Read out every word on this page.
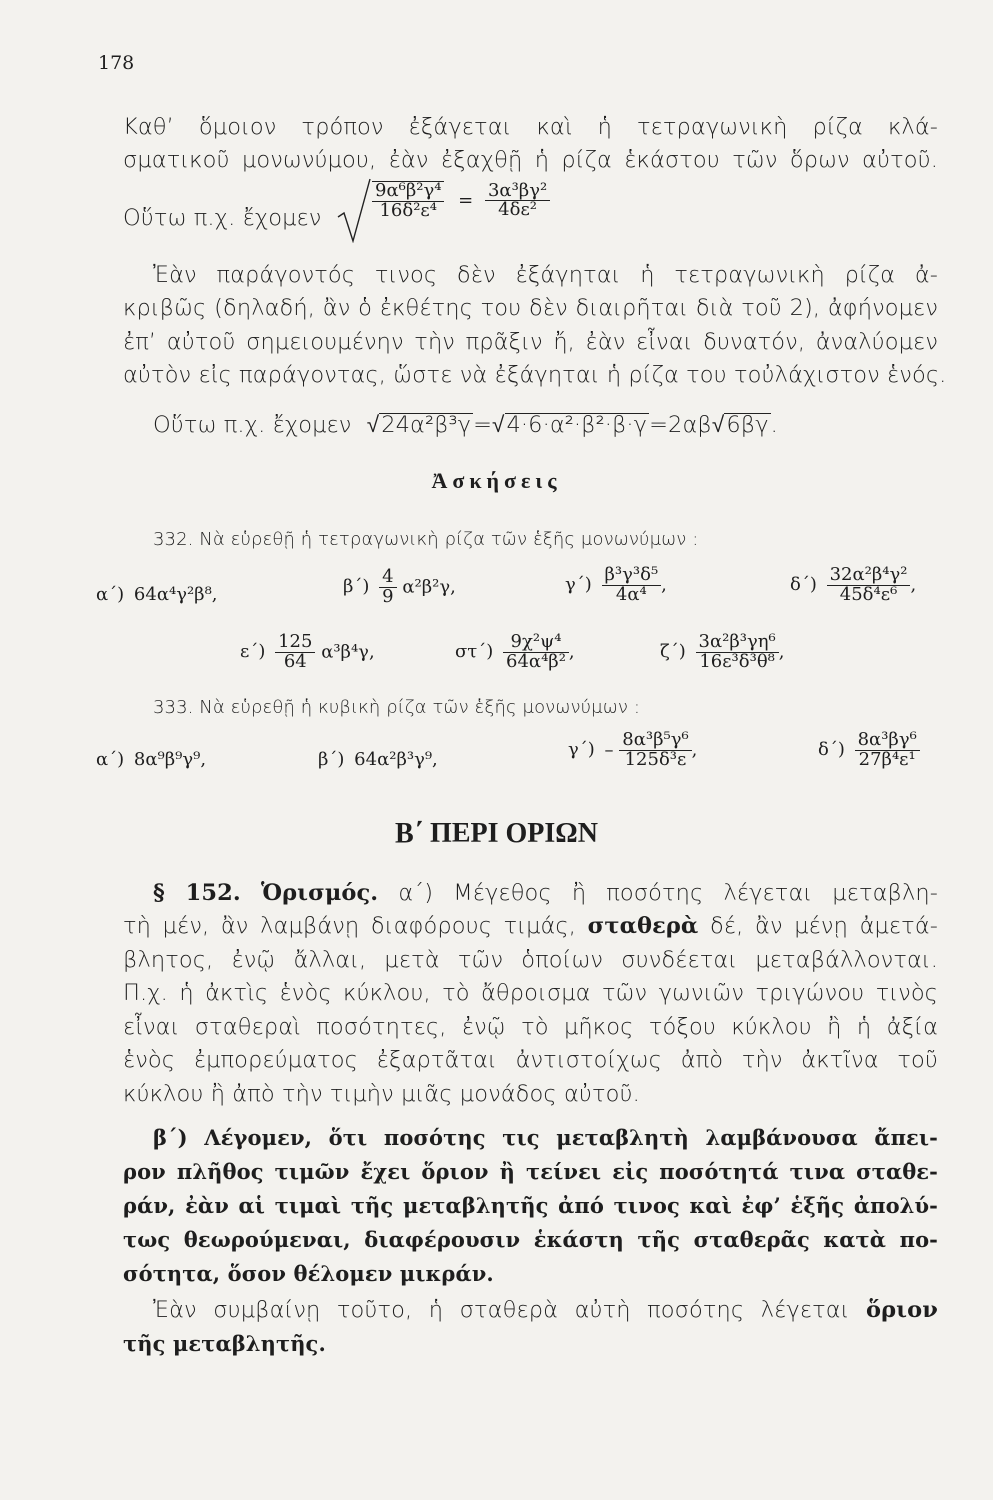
178
Καθ’ ὅμοιον τρόπον ἐξάγεται καὶ ἡ τετραγωνικὴ ρίζα κλά-
σματικοῦ μονωνύμου, ἐὰν ἐξαχθῇ ἡ ρίζα ἑκάστου τῶν ὅρων αὐτοῦ.
Οὕτω π.χ. ἔχομεν	$\frac{\text{9α⁶β²γ⁴}}{\text{16δ²ε⁴}} = \frac{\text{3α³βγ²}}{\text{4δε²}}$
Ἐὰν παράγοντός τινος δὲν ἐξάγηται ἡ τετραγωνικὴ ρίζα ἀ-
κριβῶς (δηλαδή, ἂν ὁ ἐκθέτης του δὲν διαιρῆται διὰ τοῦ 2), ἀφήνομεν
ἐπ’ αὐτοῦ σημειουμένην τὴν πρᾶξιν ἤ, ἐὰν εἶναι δυνατόν, ἀναλύομεν
αὐτὸν εἰς παράγοντας, ὥστε νὰ ἐξάγηται ἡ ρίζα του τοὐλάχιστον ἑνός.
Οὕτω π.χ. ἔχομεν √24α²β³γ=√4·6·α²·β²·β·γ=2αβ√6βγ.
Ἀσκήσεις
332. Νὰ εὑρεθῇ ἡ τετραγωνικὴ ρίζα τῶν ἑξῆς μονωνύμων :
α΄) 64α⁴γ²β⁸,	$\beta΄) \frac{4}{9} \alpha^2\beta^2\gamma$,	$\gamma΄) \frac{\text{β³γ³δ⁵}}{\text{4α⁴}}$ ,	$\delta΄) \frac{\text{32α²β⁴γ²}}{\text{45δ⁴ε⁶}}$ ,
$\varepsilon΄) \frac{125}{64} \alpha^3\beta^4\gamma$,	$\sigma\tau΄) \frac{\text{9χ²ψ⁴}}{\text{64α⁴β²}}$ ,	$\zeta΄) \frac{\text{3α²β³γη⁶}}{\text{16ε³δ³θ⁸}}$ ,
333. Νὰ εὑρεθῇ ἡ κυβικὴ ρίζα τῶν ἑξῆς μονωνύμων :
α΄) 8α⁹β⁹γ⁹,	β΄) 64α²β³γ⁹,	$\gamma΄) - \frac{\text{8α³β⁵γ⁶}}{\text{125δ³ε}}$ ,	$\delta΄) \frac{\text{8α³βγ⁶}}{\text{27β⁴ε¹}}$
Β΄ ΠΕΡΙ ΟΡΙΩΝ
§ 152. Ὁρισμός. α΄) Μέγεθος ἢ ποσότης λέγεται μεταβλη-
τὴ μέν, ἂν λαμβάνῃ διαφόρους τιμάς, σταθερὰ δέ, ἂν μένῃ ἀμετά-
βλητος, ἐνῷ ἄλλαι, μετὰ τῶν ὁποίων συνδέεται μεταβάλλονται.
Π.χ. ἡ ἀκτὶς ἑνὸς κύκλου, τὸ ἄθροισμα τῶν γωνιῶν τριγώνου τινὸς
εἶναι σταθεραὶ ποσότητες, ἐνῷ τὸ μῆκος τόξου κύκλου ἢ ἡ ἀξία
ἑνὸς ἐμπορεύματος ἐξαρτᾶται ἀντιστοίχως ἀπὸ τὴν ἀκτῖνα τοῦ
κύκλου ἢ ἀπὸ τὴν τιμὴν μιᾶς μονάδος αὐτοῦ.
β΄) Λέγομεν, ὅτι ποσότης τις μεταβλητὴ λαμβάνουσα ἄπει-
ρον πλῆθος τιμῶν ἔχει ὅριον ἢ τείνει εἰς ποσότητά τινα σταθε-
ράν, ἐὰν αἱ τιμαὶ τῆς μεταβλητῆς ἀπό τινος καὶ ἐφ’ ἑξῆς ἀπολύ-
τως θεωρούμεναι, διαφέρουσιν ἑκάστη τῆς σταθερᾶς κατὰ πο-
σότητα, ὅσον θέλομεν μικράν.
Ἐὰν συμβαίνῃ τοῦτο, ἡ σταθερὰ αὐτὴ ποσότης λέγεται ὅριον
τῆς μεταβλητῆς.
